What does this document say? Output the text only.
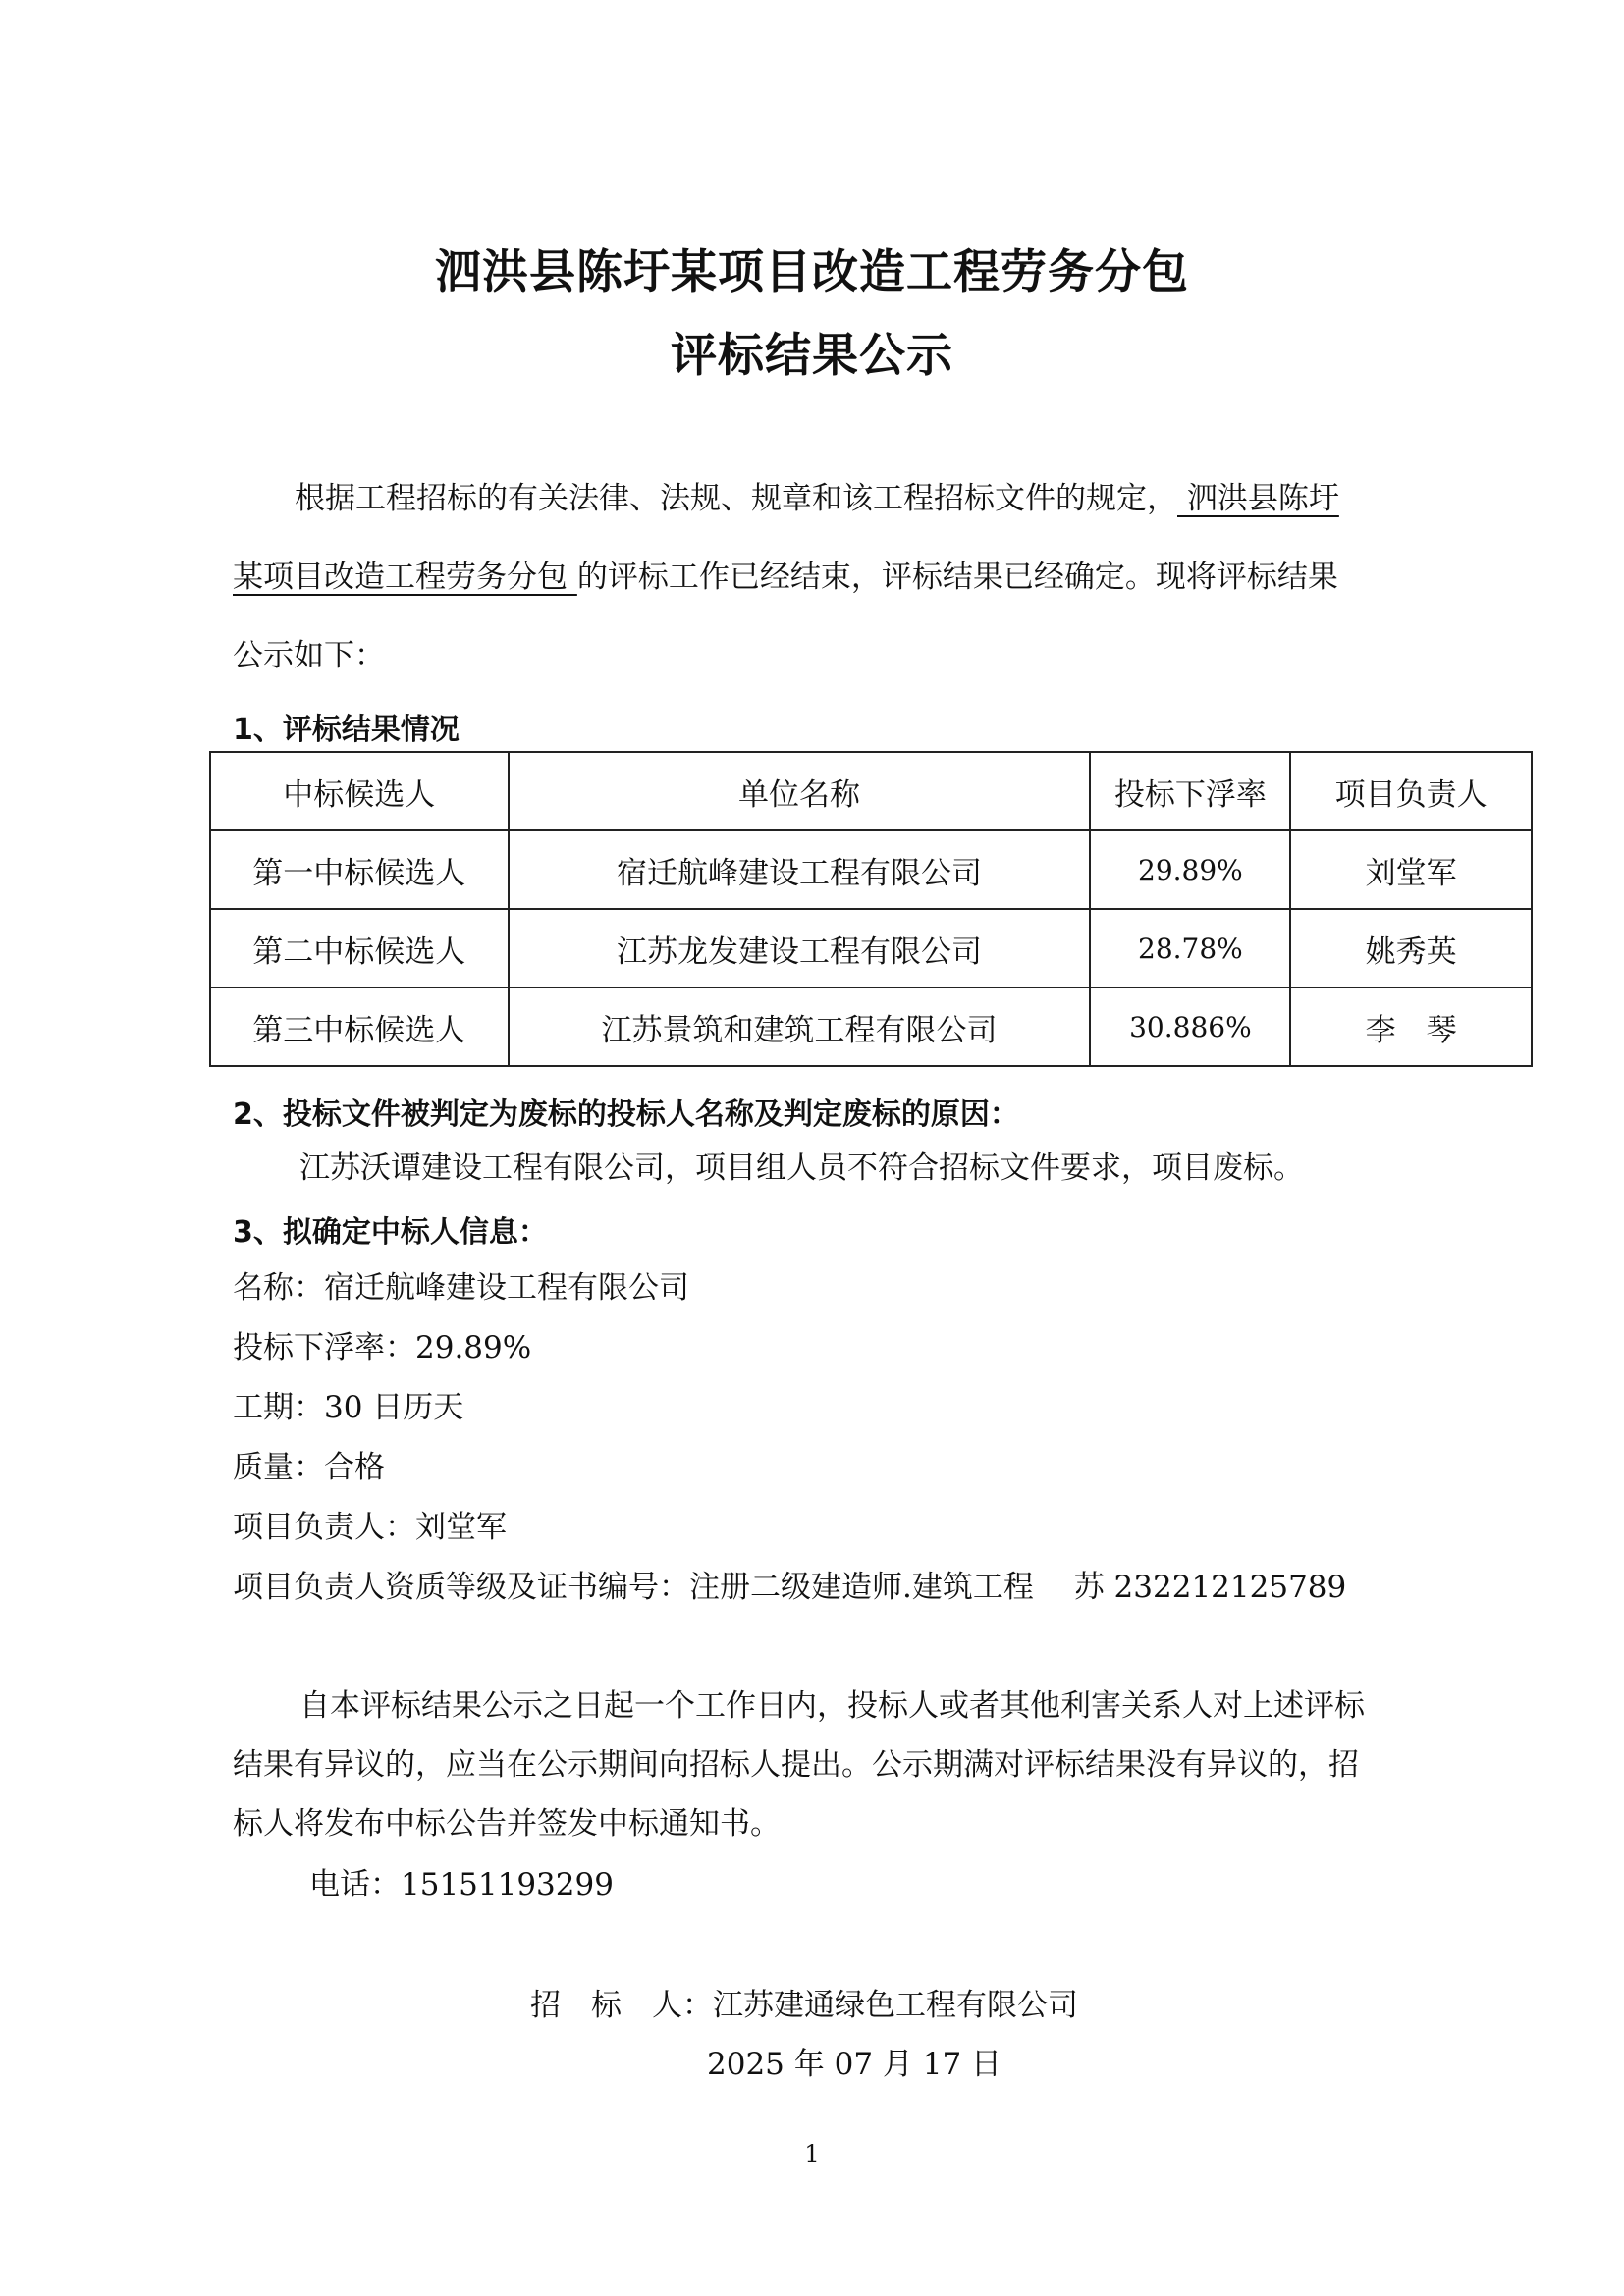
泗洪县陈圩某项目改造工程劳务分包
评标结果公示
根据工程招标的有关法律、法规、规章和该工程招标文件的规定， 泗洪县陈圩
某项目改造工程劳务分包 的评标工作已经结束，评标结果已经确定。现将评标结果
公示如下：
1、评标结果情况
中标候选人	单位名称	投标下浮率	项目负责人
第一中标候选人	宿迁航峰建设工程有限公司	29.89%	刘堂军
第二中标候选人	江苏龙发建设工程有限公司	28.78%	姚秀英
第三中标候选人	江苏景筑和建筑工程有限公司	30.886%	李　琴
2、投标文件被判定为废标的投标人名称及判定废标的原因：
江苏沃谭建设工程有限公司，项目组人员不符合招标文件要求，项目废标。
3、拟确定中标人信息：
名称：宿迁航峰建设工程有限公司
投标下浮率：29.89%
工期：30 日历天
质量：合格
项目负责人：刘堂军
项目负责人资质等级及证书编号：注册二级建造师.建筑工程　 苏 232212125789
自本评标结果公示之日起一个工作日内，投标人或者其他利害关系人对上述评标
结果有异议的，应当在公示期间向招标人提出。公示期满对评标结果没有异议的，招
标人将发布中标公告并签发中标通知书。
电话：15151193299
招　标　人：江苏建通绿色工程有限公司
2025 年 07 月 17 日
1
